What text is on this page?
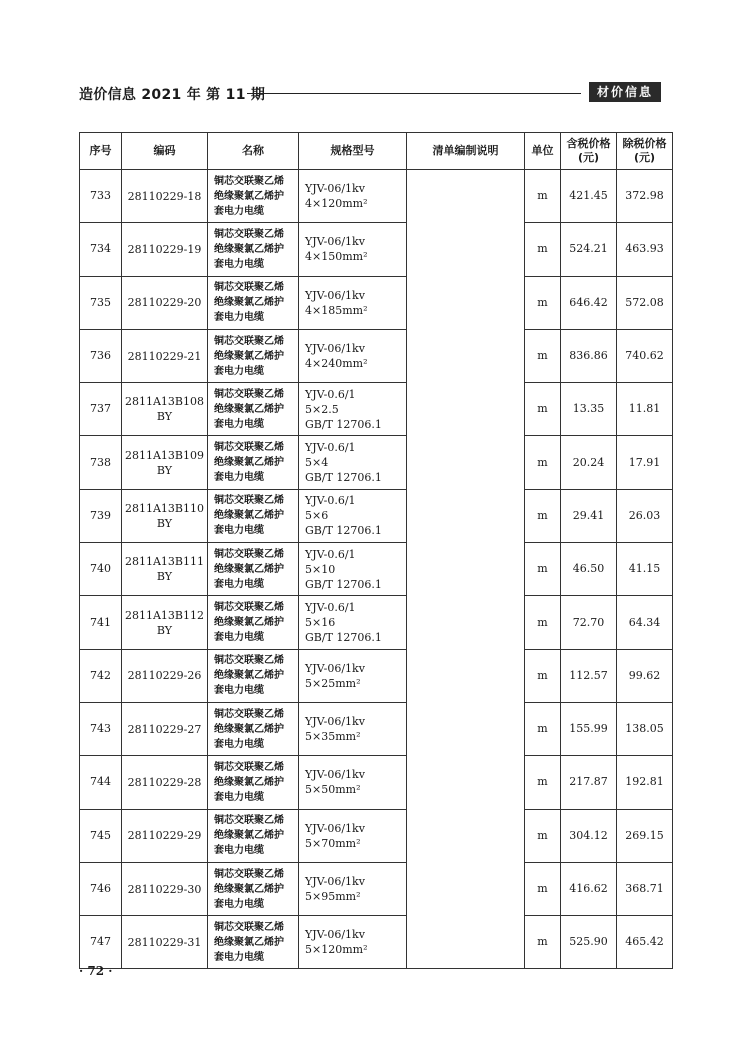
造价信息 2021 年 第 11 期	材价信息
序号	编码	名称	规格型号	清单编制说明	单位	含税价格(元)	除税价格(元)
733	28110229-18	铜芯交联聚乙烯
绝缘聚氯乙烯护
套电力电缆	YJV-06/1kv
4×120mm²		m	421.45	372.98
734	28110229-19	铜芯交联聚乙烯
绝缘聚氯乙烯护
套电力电缆	YJV-06/1kv
4×150mm²		m	524.21	463.93
735	28110229-20	铜芯交联聚乙烯
绝缘聚氯乙烯护
套电力电缆	YJV-06/1kv
4×185mm²		m	646.42	572.08
736	28110229-21	铜芯交联聚乙烯
绝缘聚氯乙烯护
套电力电缆	YJV-06/1kv
4×240mm²		m	836.86	740.62
737	2811A13B108
BY	铜芯交联聚乙烯
绝缘聚氯乙烯护
套电力电缆	YJV-0.6/1
5×2.5
GB/T 12706.1		m	13.35	11.81
738	2811A13B109
BY	铜芯交联聚乙烯
绝缘聚氯乙烯护
套电力电缆	YJV-0.6/1
5×4
GB/T 12706.1		m	20.24	17.91
739	2811A13B110
BY	铜芯交联聚乙烯
绝缘聚氯乙烯护
套电力电缆	YJV-0.6/1
5×6
GB/T 12706.1		m	29.41	26.03
740	2811A13B111
BY	铜芯交联聚乙烯
绝缘聚氯乙烯护
套电力电缆	YJV-0.6/1
5×10
GB/T 12706.1		m	46.50	41.15
741	2811A13B112
BY	铜芯交联聚乙烯
绝缘聚氯乙烯护
套电力电缆	YJV-0.6/1
5×16
GB/T 12706.1		m	72.70	64.34
742	28110229-26	铜芯交联聚乙烯
绝缘聚氯乙烯护
套电力电缆	YJV-06/1kv
5×25mm²		m	112.57	99.62
743	28110229-27	铜芯交联聚乙烯
绝缘聚氯乙烯护
套电力电缆	YJV-06/1kv
5×35mm²		m	155.99	138.05
744	28110229-28	铜芯交联聚乙烯
绝缘聚氯乙烯护
套电力电缆	YJV-06/1kv
5×50mm²		m	217.87	192.81
745	28110229-29	铜芯交联聚乙烯
绝缘聚氯乙烯护
套电力电缆	YJV-06/1kv
5×70mm²		m	304.12	269.15
746	28110229-30	铜芯交联聚乙烯
绝缘聚氯乙烯护
套电力电缆	YJV-06/1kv
5×95mm²		m	416.62	368.71
747	28110229-31	铜芯交联聚乙烯
绝缘聚氯乙烯护
套电力电缆	YJV-06/1kv
5×120mm²		m	525.90	465.42
· 72 ·
